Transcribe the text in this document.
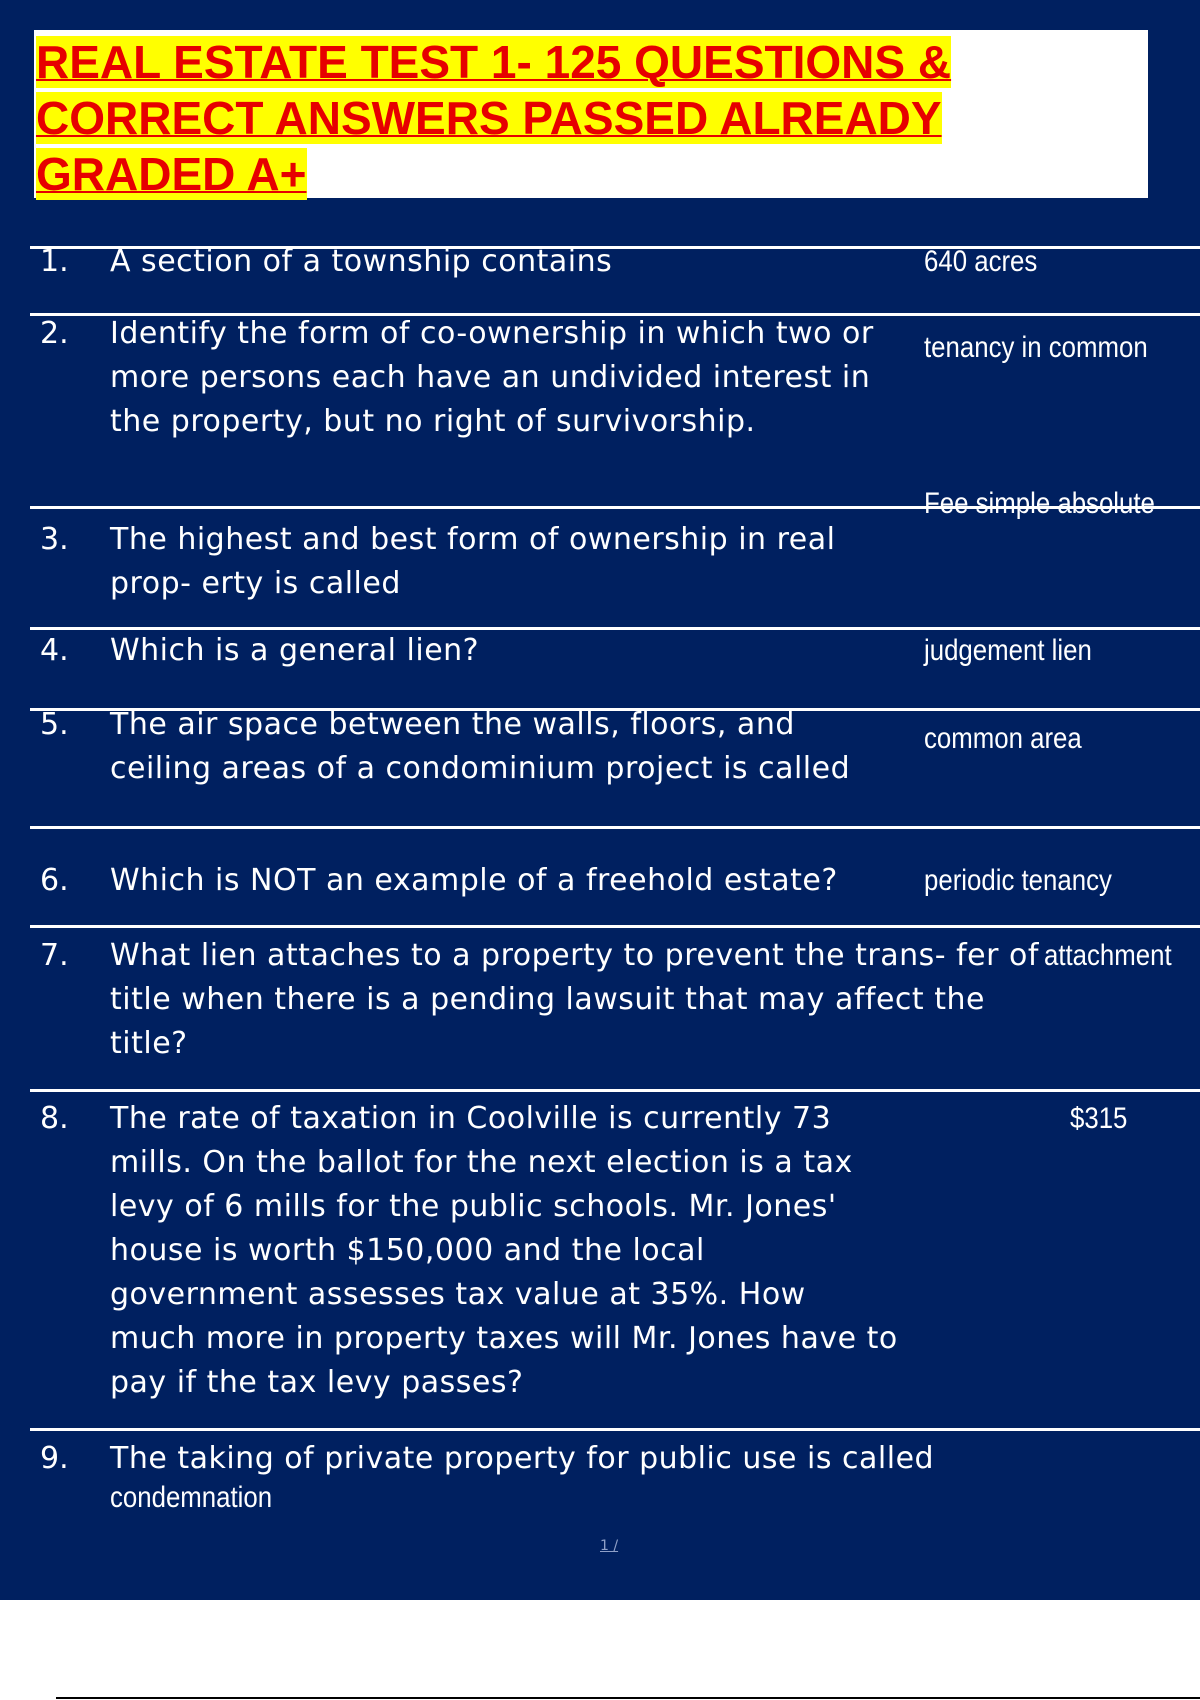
REAL ESTATE TEST 1- 125 QUESTIONS &
CORRECT ANSWERS PASSED ALREADY
GRADED A+
1. A section of a township contains	640 acres
2. Identify the form of co-ownership in which two or more persons each have an undivided interest in the property, but no right of survivorship.
tenancy in common
3. The highest and best form of ownership in real prop- erty is called
Fee simple absolute
4. Which is a general lien?	judgement lien
5. The air space between the walls, floors, and ceiling areas of a condominium project is called
common area
6. Which is NOT an example of a freehold estate?	periodic tenancy
7. What lien attaches to a property to prevent the trans- fer of title when there is a pending lawsuit that may affect the title?
attachment
8. The rate of taxation in Coolville is currently 73 mills. On the ballot for the next election is a tax levy of 6 mills for the public schools. Mr. Jones' house is worth $150,000 and the local government assesses tax value at 35%. How much more in property taxes will Mr. Jones have to pay if the tax levy passes?
$315
9. The taking of private property for public use is called
condemnation
1 /
